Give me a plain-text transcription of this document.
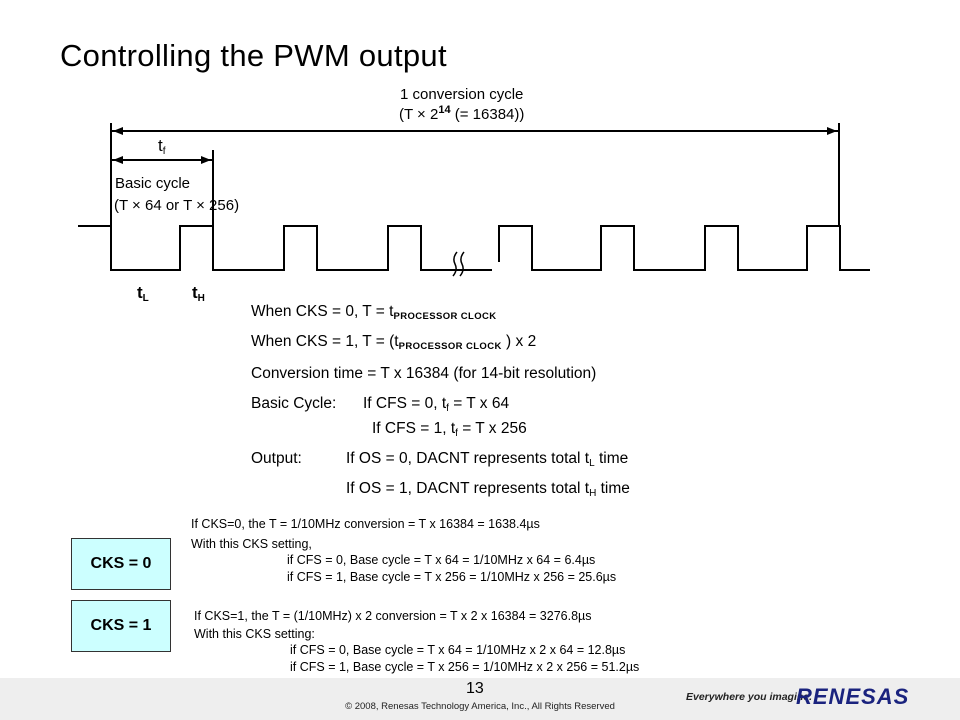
Controlling the PWM output
1 conversion cycle
($T \times 2^{14}$ (= 16384))
$t_f$
Basic cycle
(T × 64 or T × 256)
$t_L$	$t_H$
When CKS = 0, $T = t_{PROCESSOR CLOCK}$
When CKS = 1, $T = (t_{PROCESSOR CLOCK}$ ) x 2
Conversion time = T x 16384 (for 14-bit resolution)
Basic Cycle: If CFS = 0, $t_f = T$ x 64
If CFS = 1, $t_f = T$ x 256
Output:	If OS = 0, DACNT represents total $t_L$ time
If OS = 1, DACNT represents total $t_H$ time
CKS = 0
If CKS=0, the T = 1/10MHz conversion = T x 16384 = 1638.4µs
With this CKS setting,
if CFS = 0, Base cycle = T x 64 = 1/10MHz x 64 = 6.4µs
if CFS = 1, Base cycle = T x 256 = 1/10MHz x 256 = 25.6µs
CKS = 1
If CKS=1, the T = (1/10MHz) x 2 conversion = T x 2 x 16384 = 3276.8µs
With this CKS setting:
if CFS = 0, Base cycle = T x 64 = 1/10MHz x 2 x 64 = 12.8µs
if CFS = 1, Base cycle = T x 256 = 1/10MHz x 2 x 256 = 51.2µs
13
© 2008, Renesas Technology America, Inc., All Rights Reserved
Everywhere you imagine.
RENESAS
